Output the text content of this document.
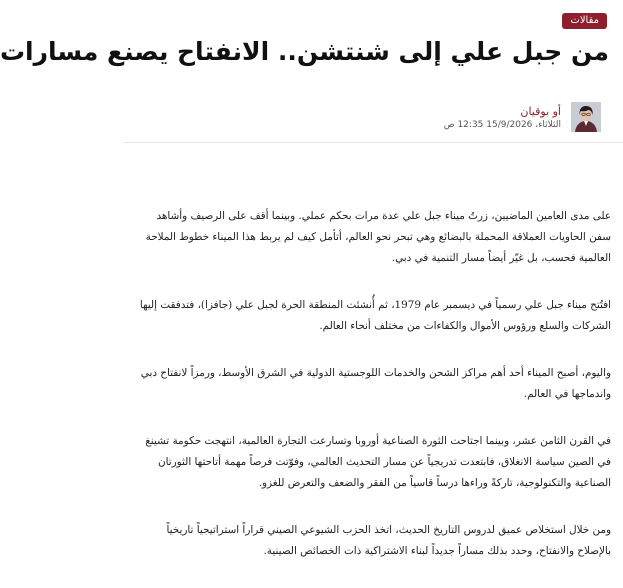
مقالات
من جبل علي إلى شنتشن.. الانفتاح يصنع مسارات
أو بوقيان
الثلاثاء، 15/9/2026 12:35 ص

على مدى العامين الماضيين، زرتُ ميناء جبل علي عدة مرات بحكم عملي. وبينما أقف على الرصيف وأشاهد سفن الحاويات العملاقة المحملة بالبضائع وهي تبحر نحو العالم، أتأمل كيف لم يربط هذا الميناء خطوط الملاحة العالمية فحسب، بل غيّر أيضاً مسار التنمية في دبي.

افتُتح ميناء جبل علي رسمياً في ديسمبر عام 1979، ثم أُنشئت المنطقة الحرة لجبل علي (جافزا)، فتدفقت إليها الشركات والسلع ورؤوس الأموال والكفاءات من مختلف أنحاء العالم.

واليوم، أصبح الميناء أحد أهم مراكز الشحن والخدمات اللوجستية الدولية في الشرق الأوسط، ورمزاً لانفتاح دبي واندماجها في العالم.

في القرن الثامن عشر، وبينما اجتاحت الثورة الصناعية أوروبا وتسارعت التجارة العالمية، انتهجت حكومة تشينغ في الصين سياسة الانغلاق، فابتعدت تدريجياً عن مسار التحديث العالمي، وفوّتت فرصاً مهمة أتاحتها الثورتان الصناعية والتكنولوجية، تاركةً وراءها درساً قاسياً من الفقر والضعف والتعرض للغزو.

ومن خلال استخلاص عميق لدروس التاريخ الحديث، اتخذ الحزب الشيوعي الصيني قراراً استراتيجياً تاريخياً بالإصلاح والانفتاح، وحدد بذلك مساراً جديداً لبناء الاشتراكية ذات الخصائص الصينية.
